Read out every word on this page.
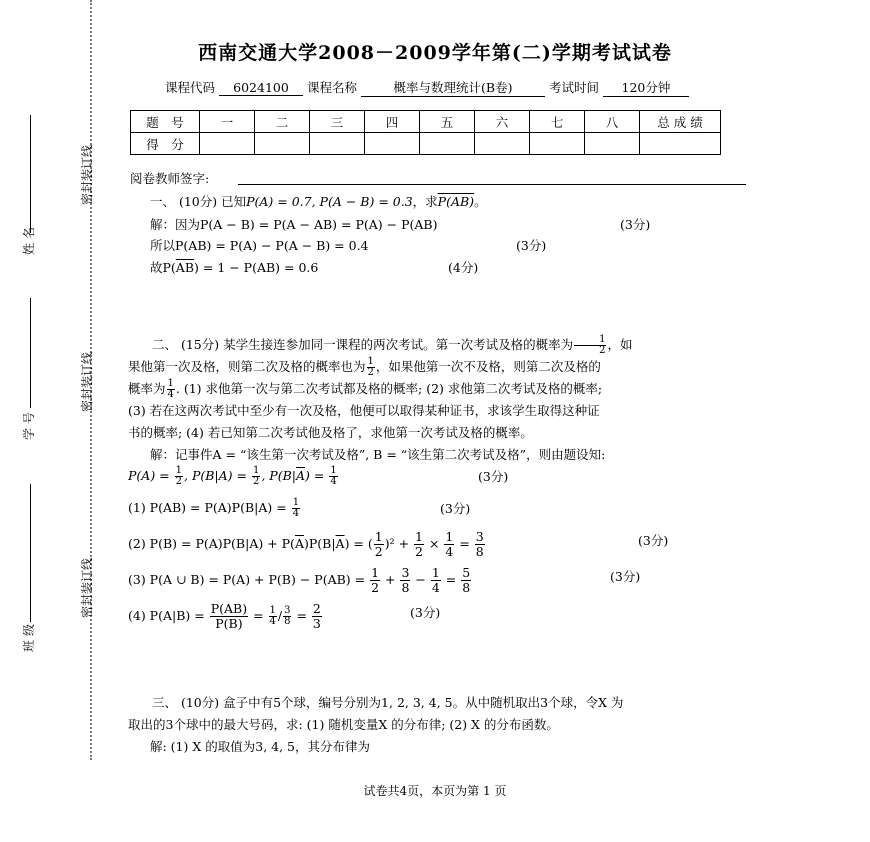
密封装订线
密封装订线
密封装订线
姓名
学号
班级
西南交通大学2008－2009学年第(二)学期考试试卷
课程代码 6024100 课程名称	概率与数理统计(B卷)	考试时间 120分钟
题　号	一	二	三	四	五	六	七	八	总 成 绩
得　分									
阅卷教师签字:
一、 (10分) 已知P(A) = 0.7, P(A − B) = 0.3，求P(AB)。
解：因为P(A − B) = P(A − AB) = P(A) − P(AB)	(3分)
所以P(AB) = P(A) − P(A − B) = 0.4	(3分)
故$P(\overline{AB}) = 1 - P(AB) = 0.6$	(4分)
二、 (15分) 某学生接连参加同一课程的两次考试。第一次考试及格的概率为 $\frac{1}{2}$ ，如
果他第一次及格，则第二次及格的概率也为 $\frac{1}{2}$ ，如果他第一次不及格，则第二次及格的
概率为 $\frac{1}{4}$ . (1) 求他第一次与第二次考试都及格的概率; (2) 求他第二次考试及格的概率;
(3) 若在这两次考试中至少有一次及格，他便可以取得某种证书，求该学生取得这种证
书的概率; (4) 若已知第二次考试他及格了，求他第一次考试及格的概率。
解：记事件A = “该生第一次考试及格”, B = “该生第二次考试及格”，则由题设知:
$P(A) = \frac{1}{2}$ , $P(B|A) = \frac{1}{2}$ , $P(B|\overline{A}) = \frac{1}{4}$	(3分)
(1) $P(AB) = P(A)P(B|A) = \frac{1}{4}$	(3分)
(2) $P(B) = P(A)P(B|A) + P(\overline{A})P(B|\overline{A})$ = ( $\frac{1}{2} )^2 + \frac{1}{2} \times \frac{1}{4} = \frac{3}{8}$	(3分)
(3) P(A ∪ $B) = P(A) + P(B) - P(AB) = \frac{1}{2} + \frac{3}{8} - \frac{1}{4} = \frac{5}{8}$	(3分)
(4) $P(A|B) = \frac{P(AB)}{P(B)} = \frac{1}{4} / \frac{3}{8} = \frac{2}{3}$	(3分)
三、 (10分) 盒子中有5个球，编号分别为1, 2, 3, 4, 5。从中随机取出3个球，令X 为
取出的3个球中的最大号码，求: (1) 随机变量X 的分布律; (2) X 的分布函数。
解: (1) X 的取值为3, 4, 5，其分布律为
试卷共4页，本页为第 1 页
